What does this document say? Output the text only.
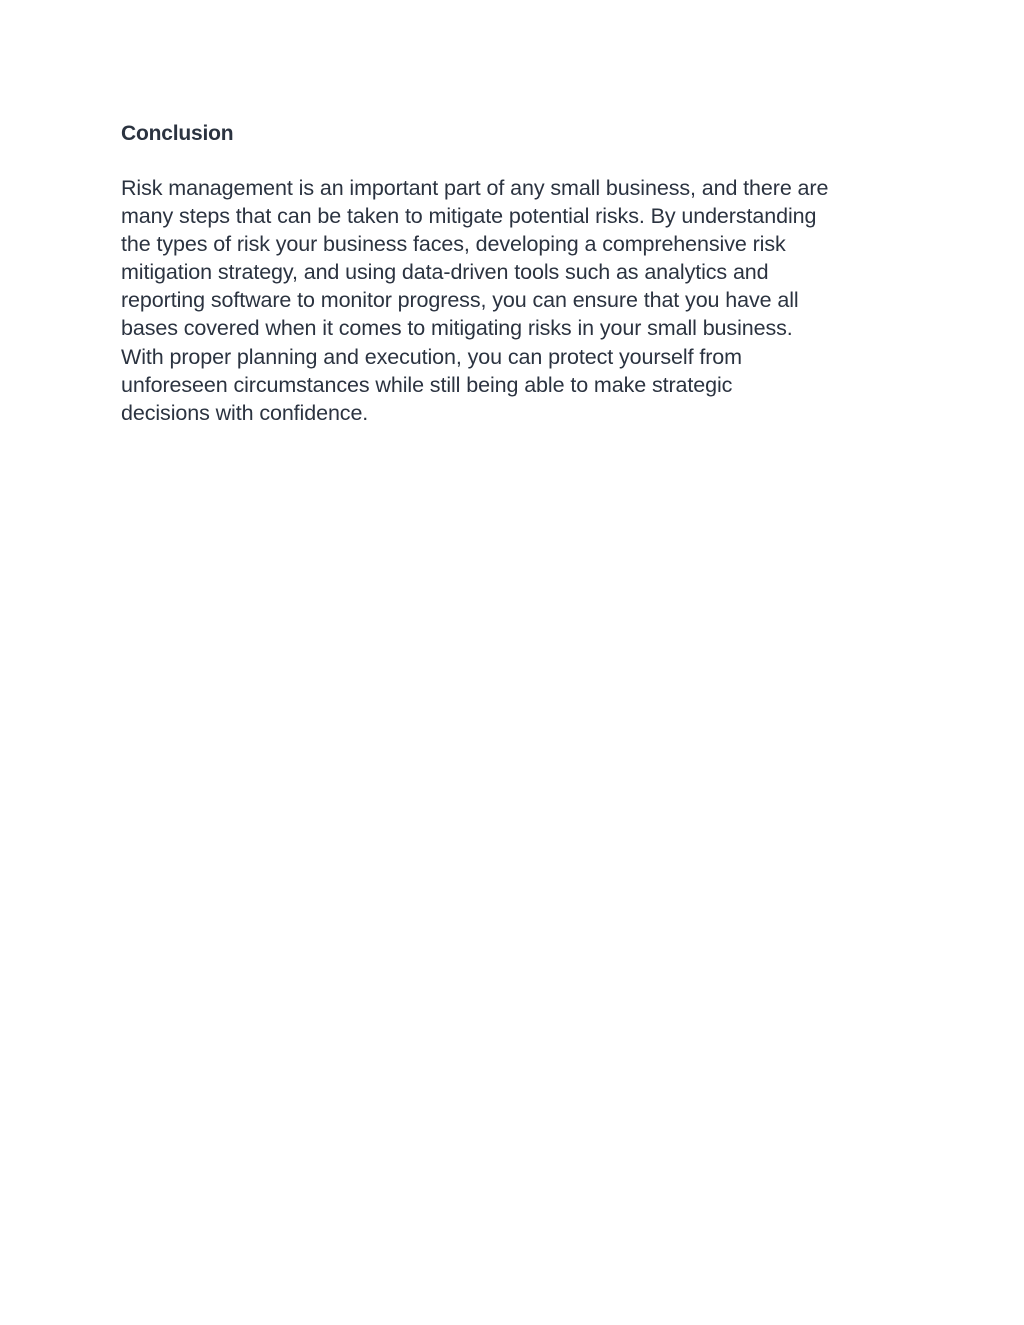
Conclusion
Risk management is an important part of any small business, and there are
many steps that can be taken to mitigate potential risks. By understanding
the types of risk your business faces, developing a comprehensive risk
mitigation strategy, and using data-driven tools such as analytics and
reporting software to monitor progress, you can ensure that you have all
bases covered when it comes to mitigating risks in your small business.
With proper planning and execution, you can protect yourself from
unforeseen circumstances while still being able to make strategic
decisions with confidence.
